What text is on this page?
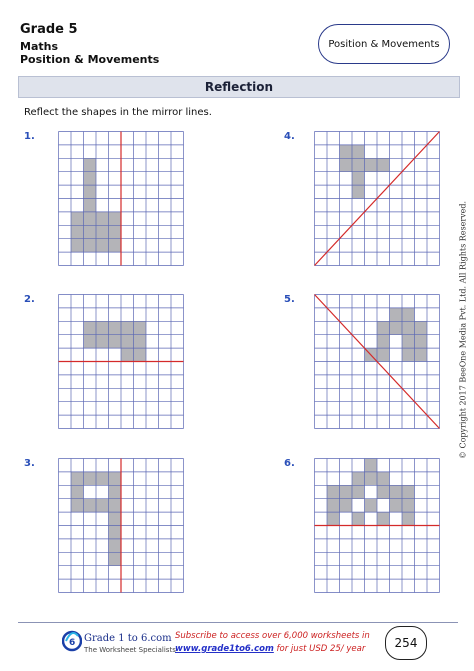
Grade 5
Maths
Position & Movements
Position & Movements
Reflection
Reflect the shapes in the mirror lines.
1.	4.
2.	5.
3.	6.
© Copyright 2017 BeeOne Media Pvt. Ltd. All Rights Reserved.
6 Grade 1 to 6.com
The Worksheet Specialists
Subscribe to access over 6,000 worksheets in
www.grade1to6.com for just USD 25/ year 254
